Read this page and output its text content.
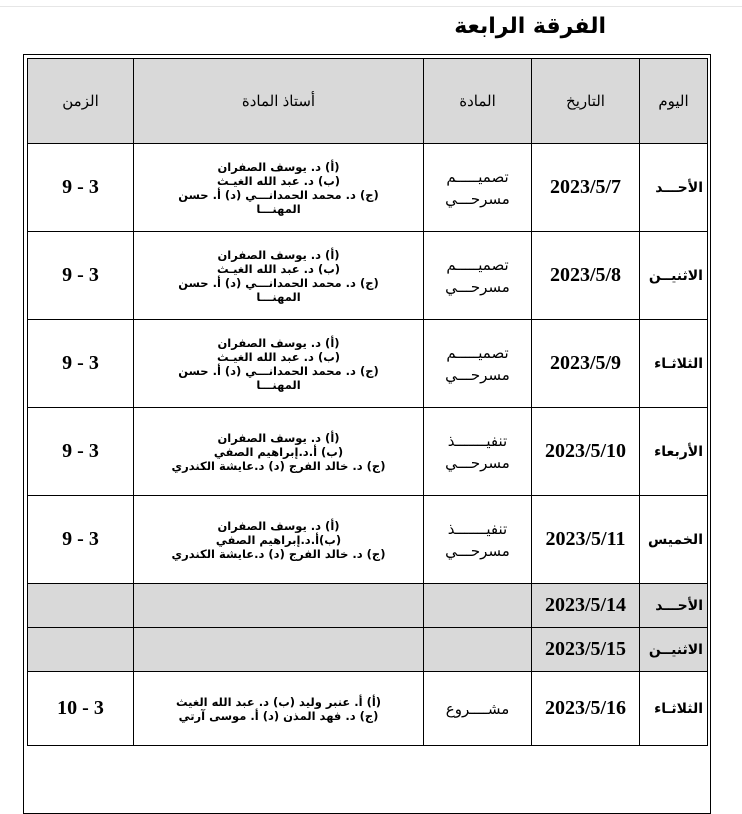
الفرقة الرابعة
اليوم	التاريخ	المادة	أستاذ المادة	الزمن
الأحـــد	2023/5/7	تصميـــــم
مسرحـــي	(أ) د. يوسف الصفران
(ب) د. عبد الله الغيـث
(ج) د. محمد الحمدانـــي (د) أ. حسن
المهنـــا	9 - 3
الاثنيــن	2023/5/8	تصميـــــم
مسرحـــي	(أ) د. يوسف الصفران
(ب) د. عبد الله الغيـث
(ج) د. محمد الحمدانـــي (د) أ. حسن
المهنـــا	9 - 3
الثلاثـاء	2023/5/9	تصميـــــم
مسرحـــي	(أ) د. يوسف الصفران
(ب) د. عبد الله الغيـث
(ج) د. محمد الحمدانـــي (د) أ. حسن
المهنـــا	9 - 3
الأربعاء	2023/5/10	تنفيـــــــذ
مسرحـــي	(أ) د. يوسف الصفران
(ب) أ.د.إبراهيم الصفي
(ج) د. خالد الفرج (د) د.عايشة الكندري	9 - 3
الخميس	2023/5/11	تنفيـــــــذ
مسرحـــي	(أ) د. يوسف الصفران
(ب)أ.د.إبراهيم الصفي
(ج) د. خالد الفرج (د) د.عايشة الكندري	9 - 3
الأحـــد	2023/5/14			
الاثنيــن	2023/5/15			
الثلاثـاء	2023/5/16	مشــــروع	(أ) أ. عنبر وليد (ب) د. عبد الله الغيث
(ج) د. فهد المذن (د) أ. موسى آرتي	10 - 3
